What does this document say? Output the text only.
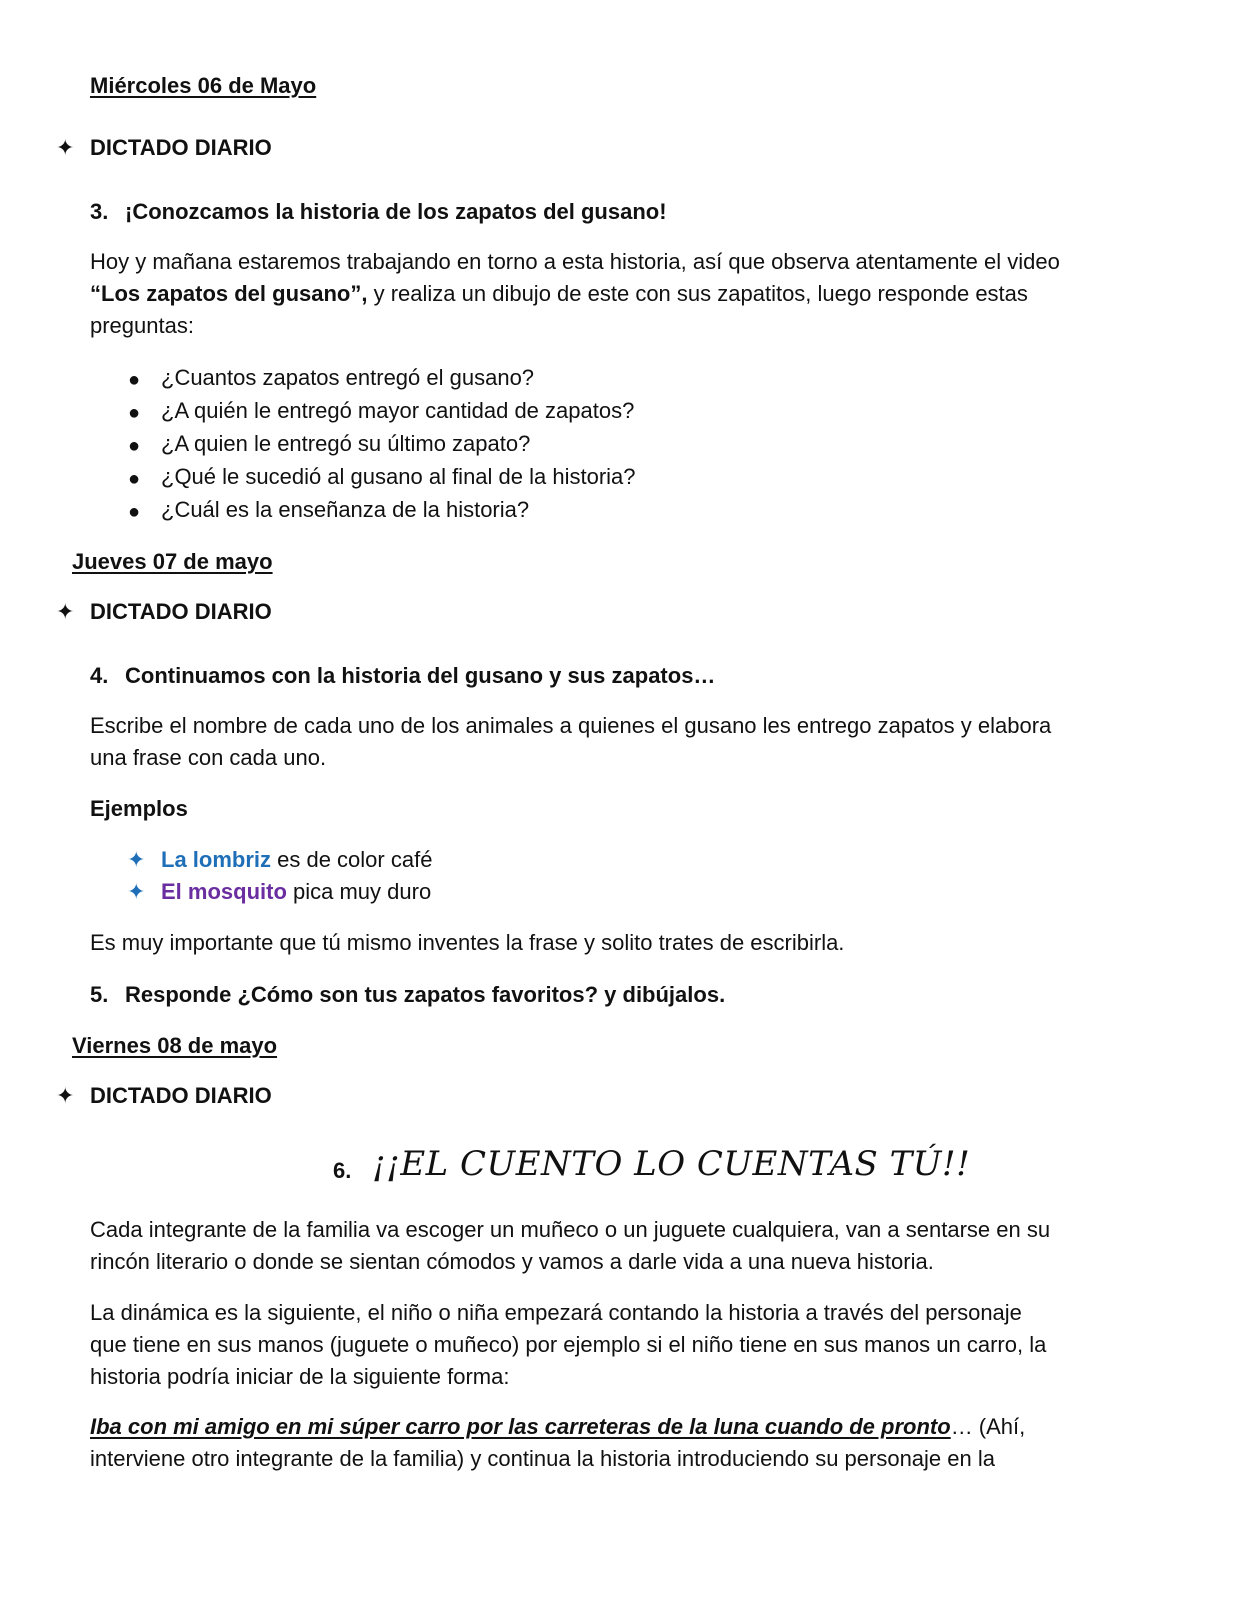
Miércoles 06 de Mayo
✦ DICTADO DIARIO
3. ¡Conozcamos la historia de los zapatos del gusano!
Hoy y mañana estaremos trabajando en torno a esta historia, así que observa atentamente el video
“Los zapatos del gusano”, y realiza un dibujo de este con sus zapatitos, luego responde estas
preguntas:
● ¿Cuantos zapatos entregó el gusano?
● ¿A quién le entregó mayor cantidad de zapatos?
● ¿A quien le entregó su último zapato?
● ¿Qué le sucedió al gusano al final de la historia?
● ¿Cuál es la enseñanza de la historia?
Jueves 07 de mayo
✦ DICTADO DIARIO
4. Continuamos con la historia del gusano y sus zapatos…
Escribe el nombre de cada uno de los animales a quienes el gusano les entrego zapatos y elabora
una frase con cada uno.
Ejemplos
✦ La lombriz es de color café
✦ El mosquito pica muy duro
Es muy importante que tú mismo inventes la frase y solito trates de escribirla.
5. Responde ¿Cómo son tus zapatos favoritos? y dibújalos.
Viernes 08 de mayo
✦ DICTADO DIARIO
6. ¡¡EL CUENTO LO CUENTAS TÚ!!
Cada integrante de la familia va escoger un muñeco o un juguete cualquiera, van a sentarse en su
rincón literario o donde se sientan cómodos y vamos a darle vida a una nueva historia.
La dinámica es la siguiente, el niño o niña empezará contando la historia a través del personaje
que tiene en sus manos (juguete o muñeco) por ejemplo si el niño tiene en sus manos un carro, la
historia podría iniciar de la siguiente forma:
Iba con mi amigo en mi súper carro por las carreteras de la luna cuando de pronto… (Ahí,
interviene otro integrante de la familia) y continua la historia introduciendo su personaje en la
